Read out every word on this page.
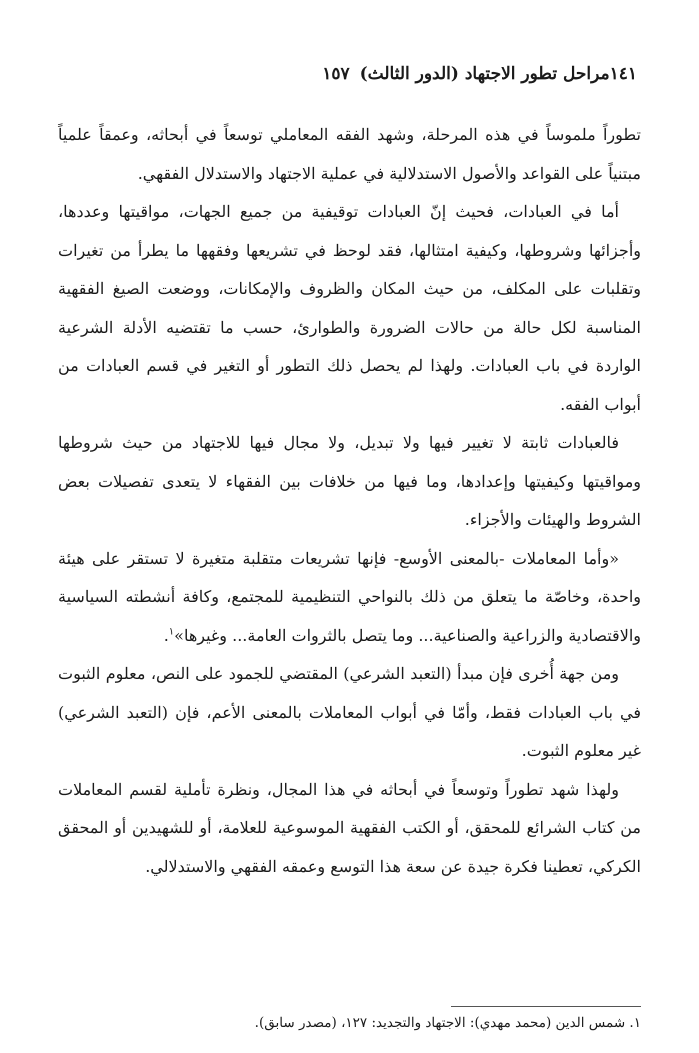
١٤١مراحل تطور الاجتهاد (الدور الثالث) ١٥٧

تطوراً ملموساً في هذه المرحلة، وشهد الفقه المعاملي توسعاً في أبحاثه، وعمقاً علمياً مبتنياً على القواعد والأصول الاستدلالية في عملية الاجتهاد والاستدلال الفقهي.

أما في العبادات، فحيث إنّ العبادات توقيفية من جميع الجهات، مواقيتها وعددها، وأجزائها وشروطها، وكيفية امتثالها، فقد لوحظ في تشريعها وفقهها ما يطرأ من تغيرات وتقلبات على المكلف، من حيث المكان والظروف والإمكانات، ووضعت الصيغ الفقهية المناسبة لكل حالة من حالات الضرورة والطوارئ، حسب ما تقتضيه الأدلة الشرعية الواردة في باب العبادات. ولهذا لم يحصل ذلك التطور أو التغير في قسم العبادات من أبواب الفقه.

فالعبادات ثابتة لا تغيير فيها ولا تبديل، ولا مجال فيها للاجتهاد من حيث شروطها ومواقيتها وكيفيتها وإعدادها، وما فيها من خلافات بين الفقهاء لا يتعدى تفصيلات بعض الشروط والهيئات والأجزاء.

«وأما المعاملات -بالمعنى الأوسع- فإنها تشريعات متقلبة متغيرة لا تستقر على هيئة واحدة، وخاصّة ما يتعلق من ذلك بالنواحي التنظيمية للمجتمع، وكافة أنشطته السياسية والاقتصادية والزراعية والصناعية... وما يتصل بالثروات العامة... وغيرها»$^١$.

ومن جهة أُخرى فإن مبدأ (التعبد الشرعي) المقتضي للجمود على النص، معلوم الثبوت في باب العبادات فقط، وأمّا في أبواب المعاملات بالمعنى الأعم، فإن (التعبد الشرعي) غير معلوم الثبوت.

ولهذا شهد تطوراً وتوسعاً في أبحاثه في هذا المجال، ونظرة تأملية لقسم المعاملات من كتاب الشرائع للمحقق، أو الكتب الفقهية الموسوعية للعلامة، أو للشهيدين أو المحقق الكركي، تعطينا فكرة جيدة عن سعة هذا التوسع وعمقه الفقهي والاستدلالي.

١. شمس الدين (محمد مهدي): الاجتهاد والتجديد: ١٢٧، (مصدر سابق).
